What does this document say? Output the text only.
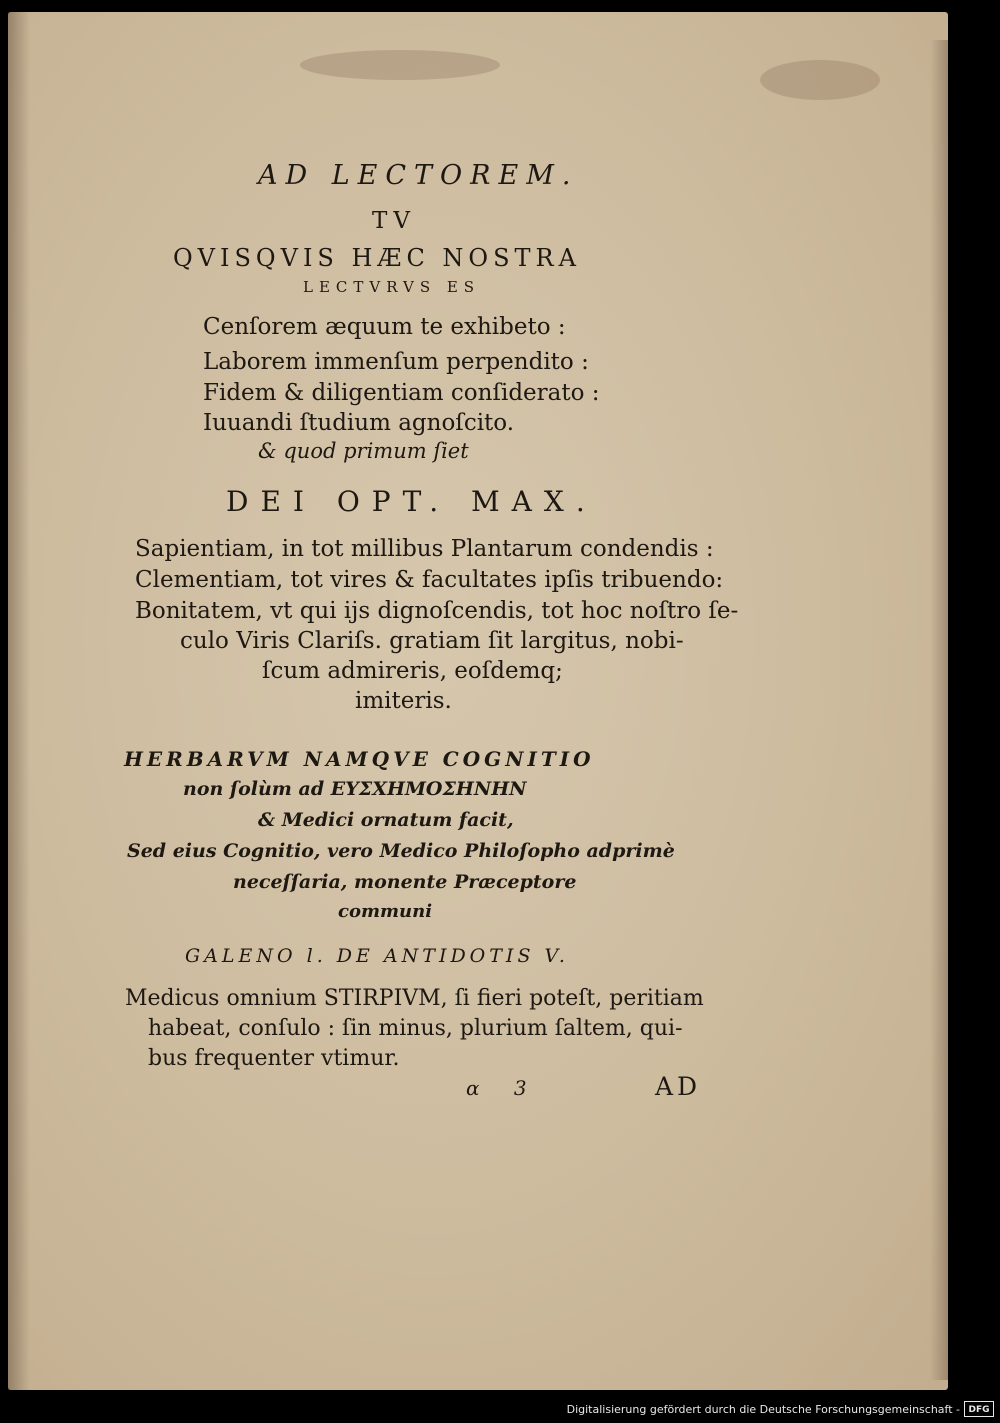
AD LECTOREM.
TV
QVISQVIS HÆC NOSTRA
LECTVRVS ES
Cenſorem æquum te exhibeto :
Laborem immenſum perpendito :
Fidem & diligentiam conſiderato :
Iuuandi ſtudium agnoſcito.
& quod primum ſiet
DEI OPT. MAX.
Sapientiam, in tot millibus Plantarum condendis :
Clementiam, tot vires & facultates ipſis tribuendo:
Bonitatem, vt qui ijs dignoſcendis, tot hoc noſtro ſe-
culo Viris Clariſs. gratiam ſit largitus, nobi-
ſcum admireris, eoſdemq;
imiteris.
HERBARVM NAMQVE COGNITIO
non ſolùm ad ΕΥΣΧΗΜΟΣΗΝΗΝ
& Medici ornatum facit,
Sed eius Cognitio, vero Medico Philoſopho adprimè
neceſſaria, monente Præceptore
communi
GALENO l. DE ANTIDOTIS V.
Medicus omnium STIRPIVM, ſi fieri poteſt, peritiam
habeat, conſulo : ſin minus, plurium ſaltem, qui-
bus frequenter vtimur.
α 3	AD
Digitalisierung gefördert durch die Deutsche Forschungsgemeinschaft - DFG
